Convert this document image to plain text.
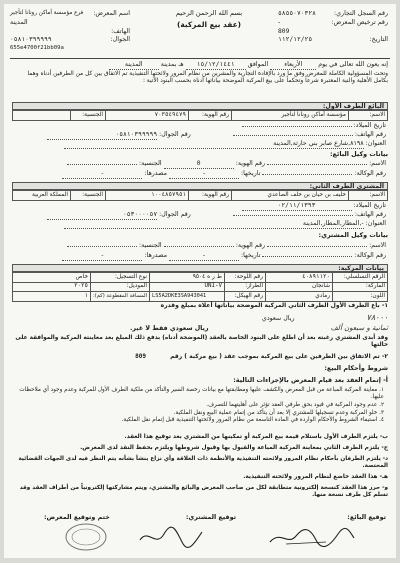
رقم السجل التجاري:
٥٨٥٥٠٧٠٣٢٨
رقم ترخيص المعرض:
-
809
التاريخ:
١١٢/١٢/٢٥
بسم الله الرحمن الرحيم
(عقد بيع المركبة)
اسم المعرض:
فرع مؤسسة أماكن رونانا لتأجير
المدينة
الهاتف:
الجوال:
٠٥٨١٠٣٩٩٩٩٩
655e4700f21bb09a
إنه يعون الله تعالى في يوم الأربعاء الموافق ١٥/١٢/١٤٤١ هـ بمدينة المدينة
وتحت المسؤولية الكاملة للمعرض وفق ما ورد بالإفادة التجارية والمشرين من نظام المرور ولائحتها التنفيذية تم الاتفاق بين كل من الطرفين أدناه وهما بكامل الأهلية والنية المعتبرة شرعاً وتحكماً على بيع المركبة الموضحة بياناتها أدناه بحسب البنود الآتية :
البائع الطرف الأول:
الاسم:	مؤسسة أماكن رونانا لتأجير	رقم الهوية:	٧٠٣٥٤٩٤٧٩	الجنسية:	
تاريخ الميلاد:
رقم الهاتف:  رقم الجوال: ٠٥٨١٠٣٩٩٩٩٩
العنوان: ٨١٩٨,شارع صابر بني حارثة,المدينة
بيانات وكيل البائع:
الاسم:  رقم الهوية: 0 الجنسية:
رقم الوكالة:  تاريخها: - مصدرها: -
المشتري الطرف الثاني:
الاسم:	خليف بن حيان بن خلف الصاعدي	رقم الهوية:	١٠٠٤٨٥٧٩٥١	الجنسية:	المملكة العربية
تاريخ الميلاد: ٠٢/١١/١٣٩٣
رقم الهاتف:  رقم الجوال: ٠٥٣٠٠٠٠٥٧
العنوان: -,المطار,المطار,المدينة
بيانات وكيل المشتري:
الاسم:  رقم الهوية:  الجنسية:
رقم الوكالة:  تاريخها: - مصدرها: -
بيانات المركبة:
الرقم التسلسلي:	٤٠٨٩١١٢٠	رقم اللوحة:	ط ر ه ٩٥٠٤	نوع التسجيل:	خاص
الماركة:	شانجان	الطراز:	UNI-V	الموديل:	٢٠٢٥
اللون:	رمادي	رقم الهيكل:	LS5A2DKE3SA943041	المسافة المقطوعة (كم):	١
١- باع الطرف الأول الطرف الثاني المركبة الموضحة بياناتها أعلاه بمبلغ وقدره
٧٨٠٠٠ ريال سعودي
ثمانية و سبعون ألف ريال سعودي فقط لا غير.
وقد أبدى المشتري رغبته بعد أن اطلع على البنود الخاصة بالعقد (الموضحة أدناه) بدفع ذلك المبلغ بعد معاينته المركبة والموافقة على حالتها
٢- تم الاتفاق بين الطرفين على بيع المركبة بموجب عقد ( بيع مركبة ) رقم 809
شروط وأحكام البيع:
أ- إتمام العقد بعد قيام المعرض بالإجراءات التالية:
١. معاينة المركبة المباعة من قبل المعرض والكشف عليها ومطابقتها مع بيانات رخصة السير والتأكد من ملكية الطرف الأول للمركبة وعدم وجود أي ملاحظات عليها.
٢. عدم وجود المركبة في قيود بحق طرفي العقد تؤثر على أهليتهما للتصرف.
٣. خلو المركبة وعدم تسجيلها للمشتري إلا بعد أن يتأكد من إتمام عملية البيع ونقل الملكية.
٤. استيفاء الشروط والأحكام الواردة في المادة التاسعة من نظام المرور ولائحتها التنفيذية قبل إتمام نقل الملكية.
ب- يلتزم الطرف الأول باستلام قيمة بيع المركبة أو تمكينها من المشتري بعد توقيع هذا العقد.
ج- يلتزم الطرف الثاني بمعاينة المركبة المباعة والقبول بها وقبول شروطها ويلتزم بحفظ النقد لدى المعرض.
د- يلتزم الطرفان بأحكام نظام المرور ولائحته التنفيذية والأنظمة ذات العلاقة وأي نزاع ينشأ بشأنه يتم النظر فيه لدى الجهات القضائية المختصة.
هـ- هذا العقد خاضع لنظام المرور ولائحته التنفيذية.
و- حرر هذا العقد كنسخة إلكترونية متطابقة لكل من صاحب المعرض والبائع والمشتري، ويتم مشاركتها إلكترونياً من أطراف العقد وقد تسلم كل طرف نسخة منها.
توقيع البائع:
توقيع المشتري:
ختم وتوقيع المعرض:
